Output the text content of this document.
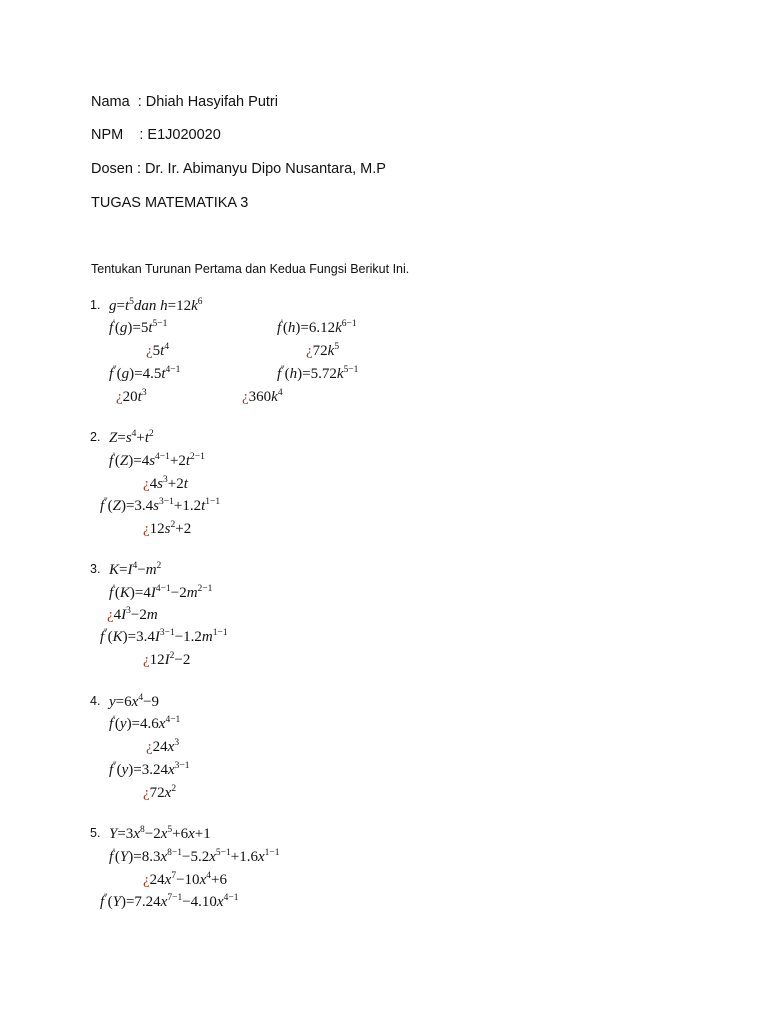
Nama  : Dhiah Hasyifah Putri
NPM    : E1J020020
Dosen : Dr. Ir. Abimanyu Dipo Nusantara, M.P
TUGAS MATEMATIKA 3
Tentukan Turunan Pertama dan Kedua Fungsi Berikut Ini.
1. $g=t^5dan$ $h=12k^6$
$f'(g)=5t^{5-1}$	$f'(h)=6.12k^{6-1}$
¿$5t^4$	¿$72k^5$
$f''(g)=4.5t^{4-1}$	$f''(h)=5.72k^{5-1}$
¿$20t^3$	¿$360k^4$
2. $Z=s^4+t^2$
$f'(Z)=4s^{4-1}+2t^{2-1}$
¿$4s^3+2t$
$f''(Z)=3.4s^{3-1}+1.2t^{1-1}$
¿$12s^2+2$
3. $K=I^4-m^2$
$f'(K)=4I^{4-1}-2m^{2-1}$
¿$4I^3-2m$
$f''(K)=3.4I^{3-1}-1.2m^{1-1}$
¿$12I^2-2$
4. $y=6x^4-9$
$f'(y)=4.6x^{4-1}$
¿$24x^3$
$f''(y)=3.24x^{3-1}$
¿$72x^2$
5. $Y=3x^8-2x^5+6x+1$
$f'(Y)=8.3x^{8-1}-5.2x^{5-1}+1.6x^{1-1}$
¿$24x^7-10x^4+6$
$f''(Y)=7.24x^{7-1}-4.10x^{4-1}$
